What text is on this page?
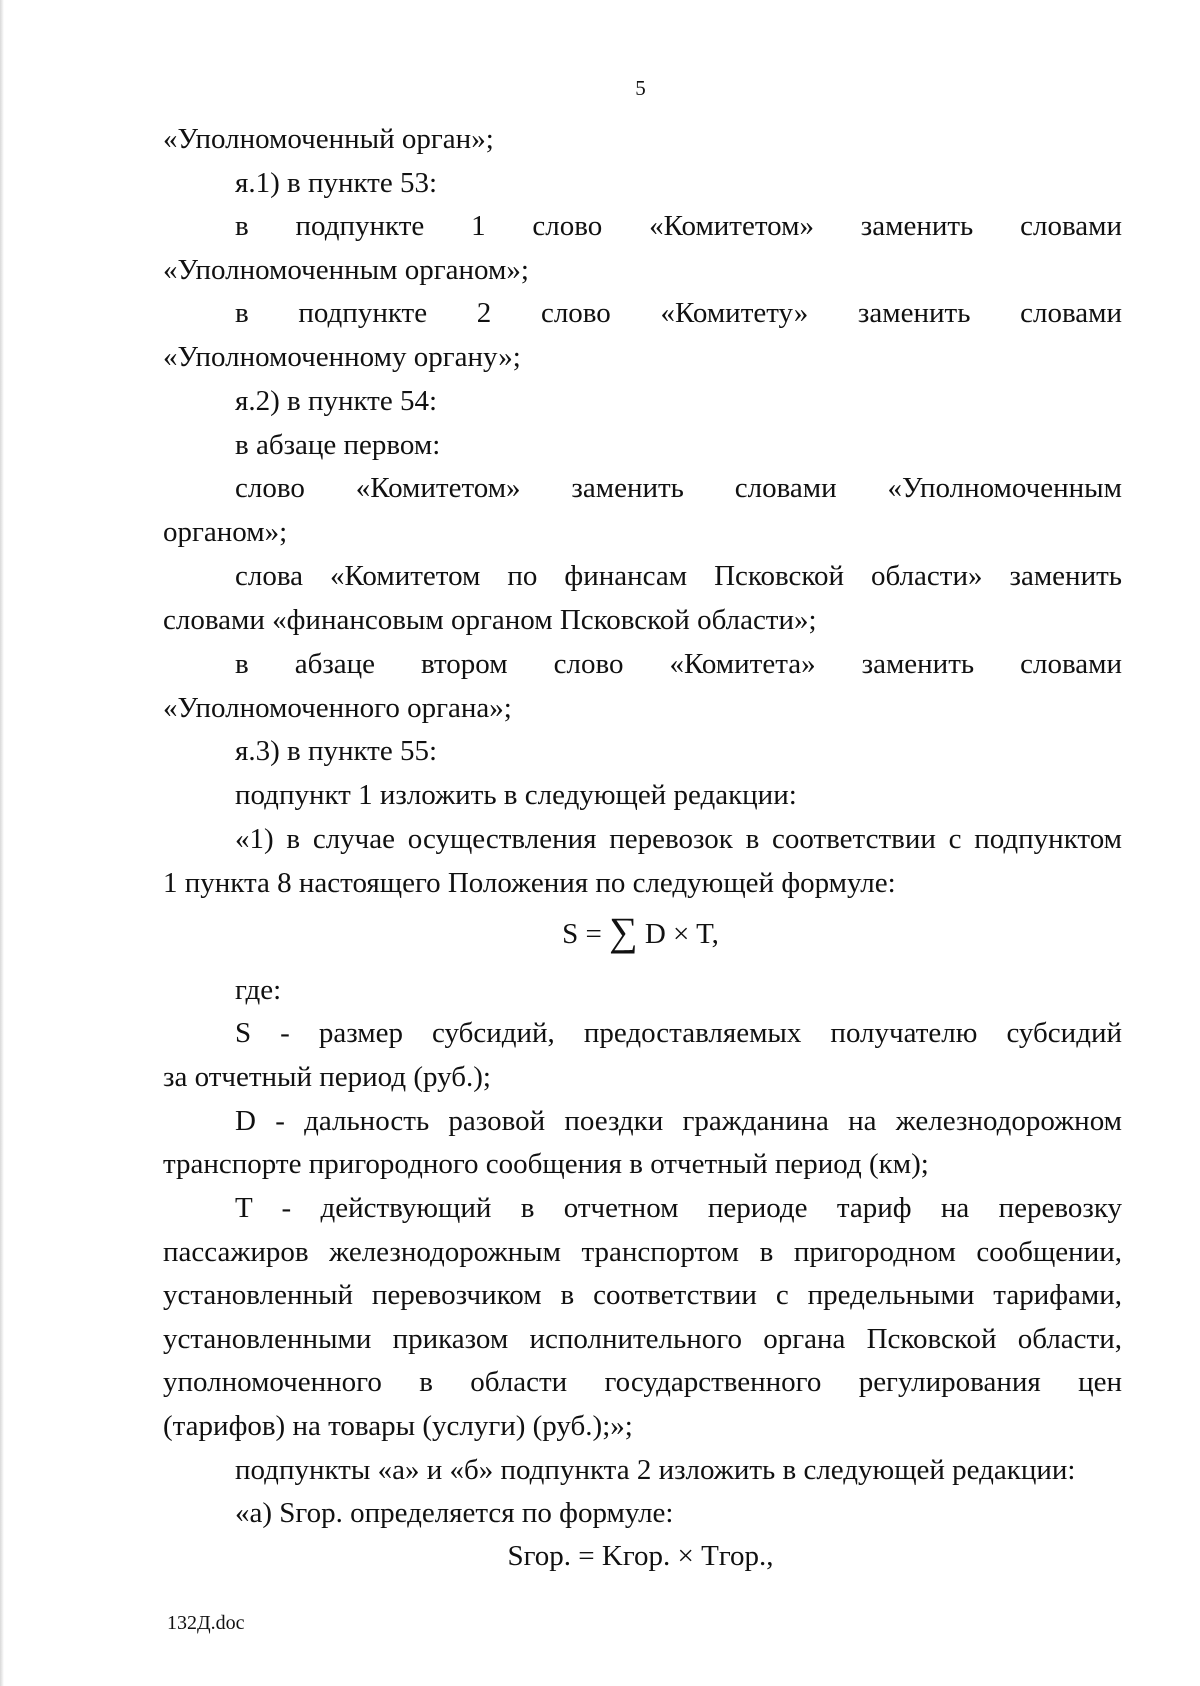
5
«Уполномоченный орган»;
я.1) в пункте 53:
в подпункте 1 слово «Комитетом» заменить словами
«Уполномоченным органом»;
в подпункте 2 слово «Комитету» заменить словами
«Уполномоченному органу»;
я.2) в пункте 54:
в абзаце первом:
слово «Комитетом» заменить словами «Уполномоченным
органом»;
слова «Комитетом по финансам Псковской области» заменить
словами «финансовым органом Псковской области»;
в абзаце втором слово «Комитета» заменить словами
«Уполномоченного органа»;
я.3) в пункте 55:
подпункт 1 изложить в следующей редакции:
«1) в случае осуществления перевозок в соответствии с подпунктом
1 пункта 8 настоящего Положения по следующей формуле:
S = ∑ D × T,
где:
S - размер субсидий, предоставляемых получателю субсидий
за отчетный период (руб.);
D - дальность разовой поездки гражданина на железнодорожном
транспорте пригородного сообщения в отчетный период (км);
T - действующий в отчетном периоде тариф на перевозку
пассажиров железнодорожным транспортом в пригородном сообщении,
установленный перевозчиком в соответствии с предельными тарифами,
установленными приказом исполнительного органа Псковской области,
уполномоченного в области государственного регулирования цен
(тарифов) на товары (услуги) (руб.);»;
подпункты «а» и «б» подпункта 2 изложить в следующей редакции:
«а) Sгор. определяется по формуле:
Sгор. = Kгор. × Tгор.,
132Д.doc
